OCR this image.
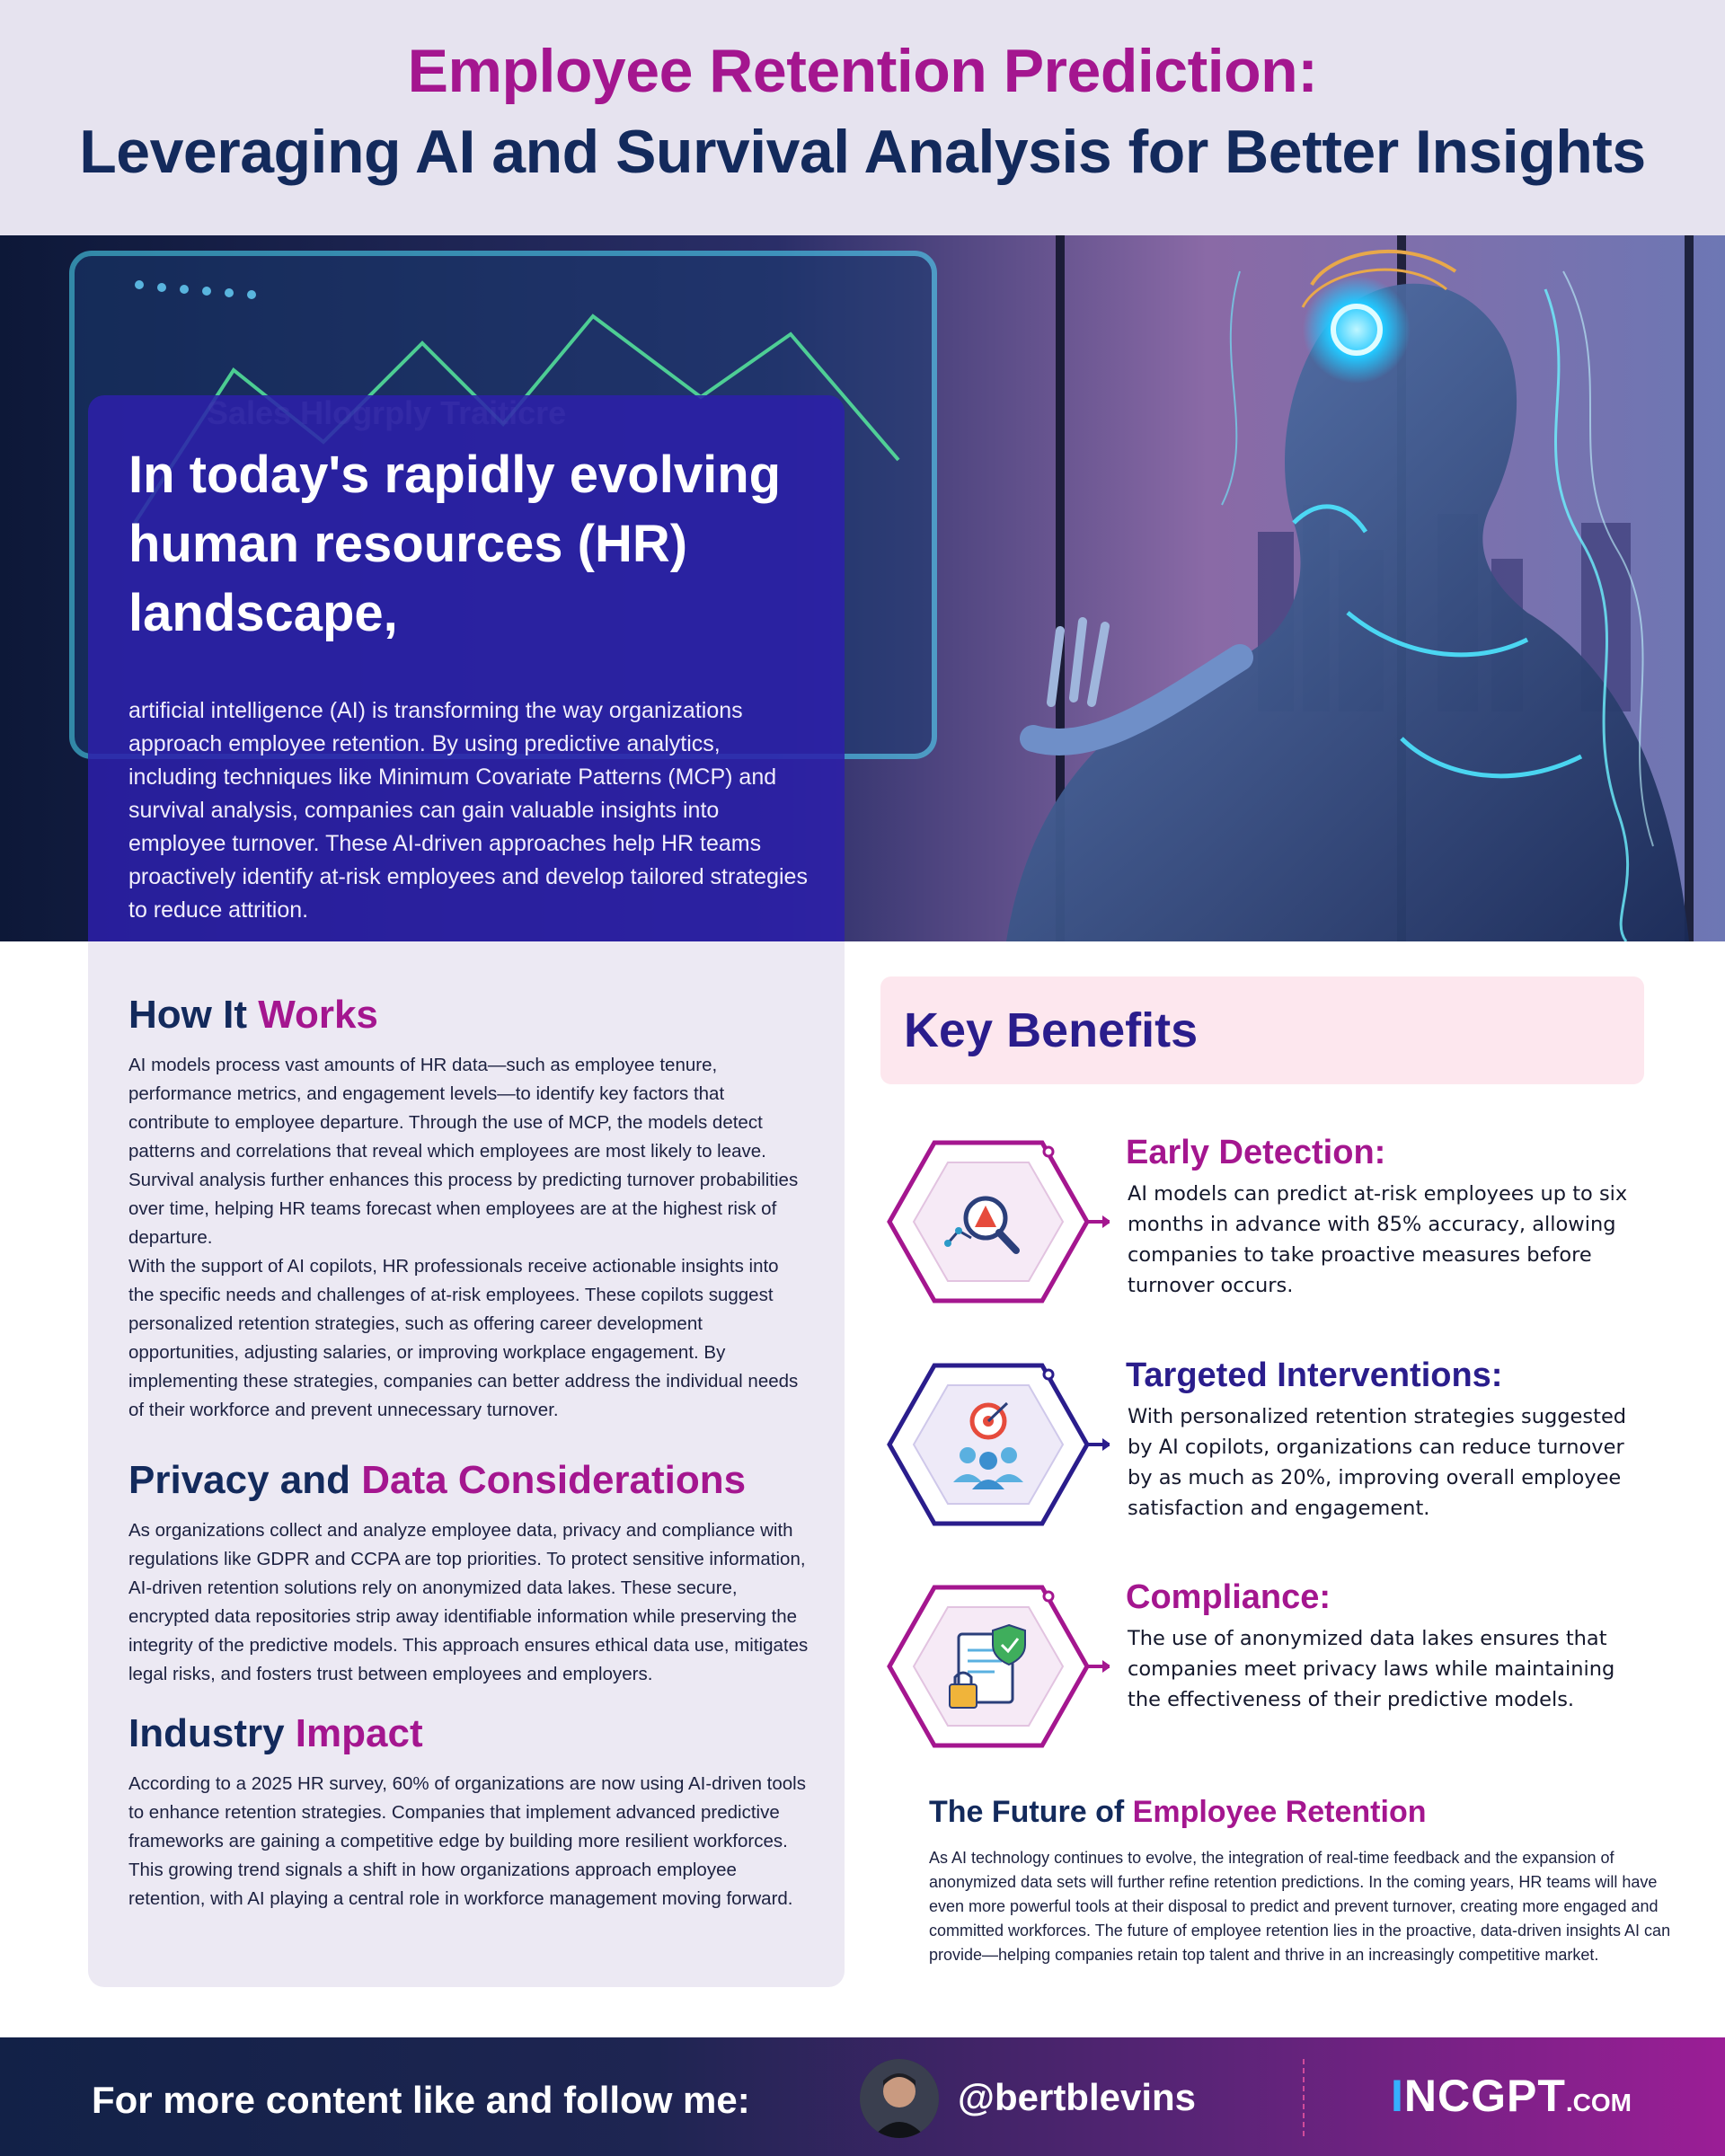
Employee Retention Prediction:
Leveraging AI and Survival Analysis for Better Insights
In today's rapidly evolving human resources (HR) landscape,
artificial intelligence (AI) is transforming the way organizations approach employee retention. By using predictive analytics, including techniques like Minimum Covariate Patterns (MCP) and survival analysis, companies can gain valuable insights into employee turnover. These AI-driven approaches help HR teams proactively identify at-risk employees and develop tailored strategies to reduce attrition.
How It Works

AI models process vast amounts of HR data—such as employee tenure, performance metrics, and engagement levels—to identify key factors that contribute to employee departure. Through the use of MCP, the models detect patterns and correlations that reveal which employees are most likely to leave. Survival analysis further enhances this process by predicting turnover probabilities over time, helping HR teams forecast when employees are at the highest risk of departure.

With the support of AI copilots, HR professionals receive actionable insights into the specific needs and challenges of at-risk employees. These copilots suggest personalized retention strategies, such as offering career development opportunities, adjusting salaries, or improving workplace engagement. By implementing these strategies, companies can better address the individual needs of their workforce and prevent unnecessary turnover.

Privacy and Data Considerations
As organizations collect and analyze employee data, privacy and compliance with regulations like GDPR and CCPA are top priorities. To protect sensitive information, AI-driven retention solutions rely on anonymized data lakes. These secure, encrypted data repositories strip away identifiable information while preserving the integrity of the predictive models. This approach ensures ethical data use, mitigates legal risks, and fosters trust between employees and employers.
Industry Impact
According to a 2025 HR survey, 60% of organizations are now using AI-driven tools to enhance retention strategies. Companies that implement advanced predictive frameworks are gaining a competitive edge by building more resilient workforces. This growing trend signals a shift in how organizations approach employee retention, with AI playing a central role in workforce management moving forward.
Key Benefits
Early Detection:
AI models can predict at-risk employees up to six months in advance with 85% accuracy, allowing companies to take proactive measures before turnover occurs.
Targeted Interventions:
With personalized retention strategies suggested by AI copilots, organizations can reduce turnover by as much as 20%, improving overall employee satisfaction and engagement.
Compliance:
The use of anonymized data lakes ensures that companies meet privacy laws while maintaining the effectiveness of their predictive models.
The Future of Employee Retention
As AI technology continues to evolve, the integration of real-time feedback and the expansion of anonymized data sets will further refine retention predictions. In the coming years, HR teams will have even more powerful tools at their disposal to predict and prevent turnover, creating more engaged and committed workforces. The future of employee retention lies in the proactive, data-driven insights AI can provide—helping companies retain top talent and thrive in an increasingly competitive market.
For more content like and follow me:	@bertblevins	INCGPT.COM
